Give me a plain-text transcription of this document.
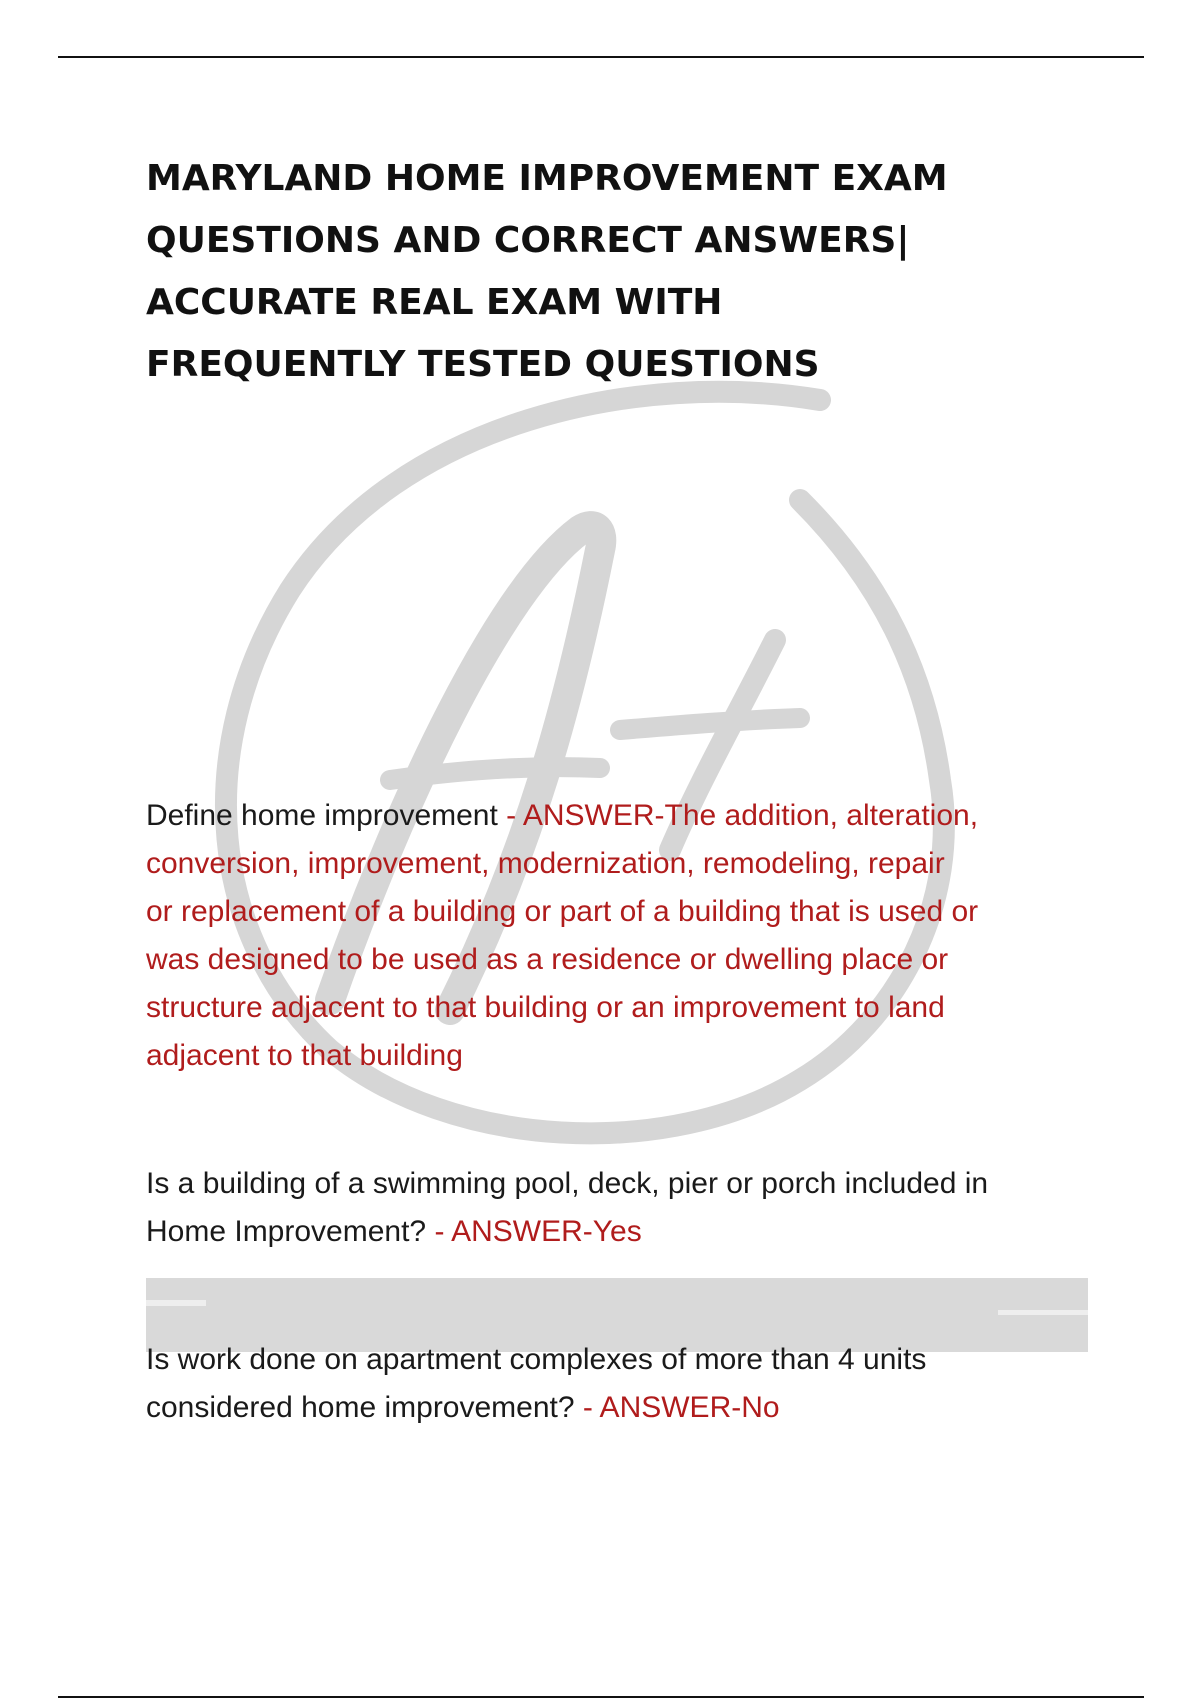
MARYLAND HOME IMPROVEMENT EXAM
QUESTIONS AND CORRECT ANSWERS|
ACCURATE REAL EXAM WITH
FREQUENTLY TESTED QUESTIONS
Define home improvement - ANSWER-The addition, alteration,
conversion, improvement, modernization, remodeling, repair
or replacement of a building or part of a building that is used or
was designed to be used as a residence or dwelling place or
structure adjacent to that building or an improvement to land
adjacent to that building
Is a building of a swimming pool, deck, pier or porch included in
Home Improvement? - ANSWER-Yes
Is work done on apartment complexes of more than 4 units
considered home improvement? - ANSWER-No
